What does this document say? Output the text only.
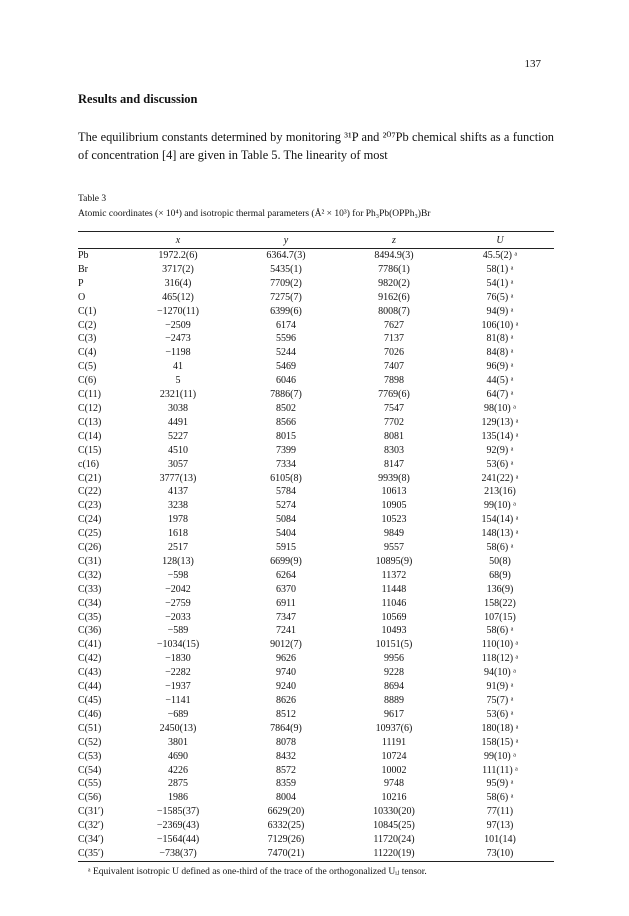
137
Results and discussion
The equilibrium constants determined by monitoring ³¹P and ²⁰⁷Pb chemical shifts as a function of concentration [4] are given in Table 5. The linearity of most
Table 3
Atomic coordinates (× 10⁴) and isotropic thermal parameters (Å² × 10³) for Ph₃Pb(OPPh₃)Br
	x	y	z	U
Pb	1972.2(6)	6364.7(3)	8494.9(3)	45.5(2) ᵃ
Br	3717(2)	5435(1)	7786(1)	58(1) ᵃ
P	316(4)	7709(2)	9820(2)	54(1) ᵃ
O	465(12)	7275(7)	9162(6)	76(5) ᵃ
C(1)	−1270(11)	6399(6)	8008(7)	94(9) ᵃ
C(2)	−2509	6174	7627	106(10) ᵃ
C(3)	−2473	5596	7137	81(8) ᵃ
C(4)	−1198	5244	7026	84(8) ᵃ
C(5)	41	5469	7407	96(9) ᵃ
C(6)	5	6046	7898	44(5) ᵃ
C(11)	2321(11)	7886(7)	7769(6)	64(7) ᵃ
C(12)	3038	8502	7547	98(10) ᵃ
C(13)	4491	8566	7702	129(13) ᵃ
C(14)	5227	8015	8081	135(14) ᵃ
C(15)	4510	7399	8303	92(9) ᵃ
c(16)	3057	7334	8147	53(6) ᵃ
C(21)	3777(13)	6105(8)	9939(8)	241(22) ᵃ
C(22)	4137	5784	10613	213(16)
C(23)	3238	5274	10905	99(10) ᵃ
C(24)	1978	5084	10523	154(14) ᵃ
C(25)	1618	5404	9849	148(13) ᵃ
C(26)	2517	5915	9557	58(6) ᵃ
C(31)	128(13)	6699(9)	10895(9)	50(8)
C(32)	−598	6264	11372	68(9)
C(33)	−2042	6370	11448	136(9)
C(34)	−2759	6911	11046	158(22)
C(35)	−2033	7347	10569	107(15)
C(36)	−589	7241	10493	58(6) ᵃ
C(41)	−1034(15)	9012(7)	10151(5)	110(10) ᵃ
C(42)	−1830	9626	9956	118(12) ᵃ
C(43)	−2282	9740	9228	94(10) ᵃ
C(44)	−1937	9240	8694	91(9) ᵃ
C(45)	−1141	8626	8889	75(7) ᵃ
C(46)	−689	8512	9617	53(6) ᵃ
C(51)	2450(13)	7864(9)	10937(6)	180(18) ᵃ
C(52)	3801	8078	11191	158(15) ᵃ
C(53)	4690	8432	10724	99(10) ᵃ
C(54)	4226	8572	10002	111(11) ᵃ
C(55)	2875	8359	9748	95(9) ᵃ
C(56)	1986	8004	10216	58(6) ᵃ
C(31′)	−1585(37)	6629(20)	10330(20)	77(11)
C(32′)	−2369(43)	6332(25)	10845(25)	97(13)
C(34′)	−1564(44)	7129(26)	11720(24)	101(14)
C(35′)	−738(37)	7470(21)	11220(19)	73(10)
ᵃ Equivalent isotropic U defined as one-third of the trace of the orthogonalized Uᵢⱼ tensor.
